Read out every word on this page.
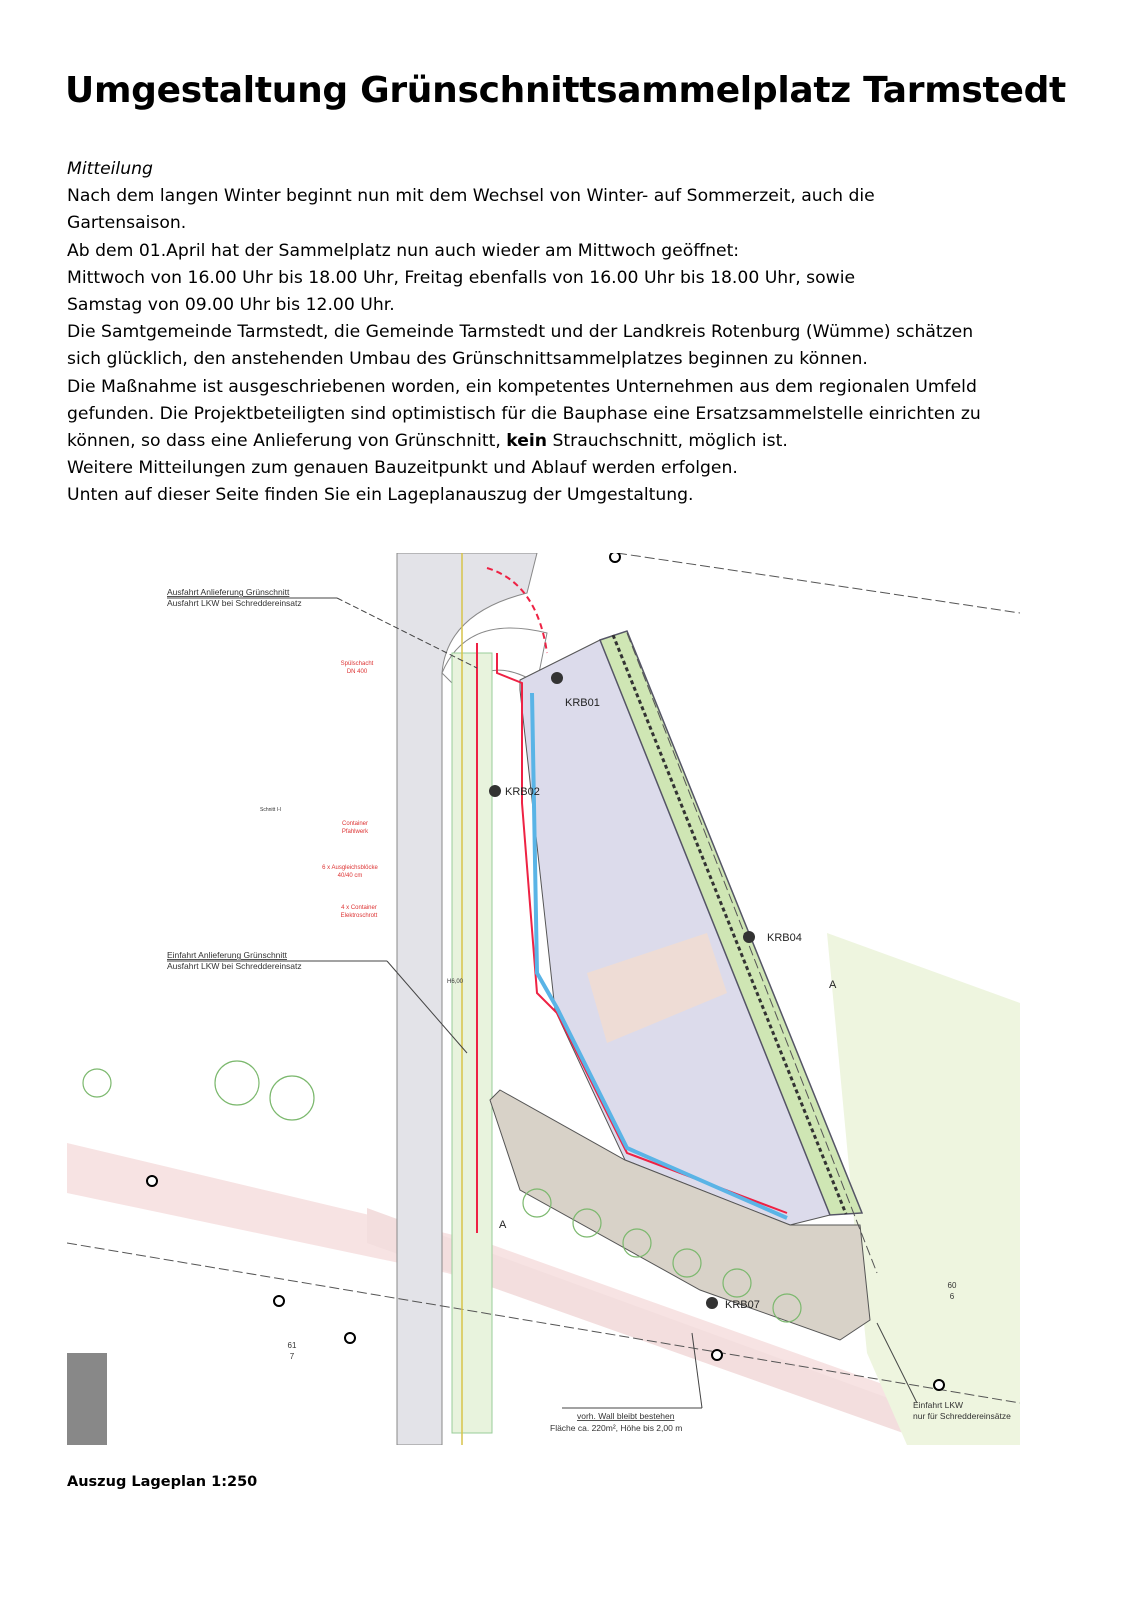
Umgestaltung Grünschnittsammelplatz Tarmstedt

Mitteilung

Nach dem langen Winter beginnt nun mit dem Wechsel von Winter- auf Sommerzeit, auch die

Gartensaison.

Ab dem 01.April hat der Sammelplatz nun auch wieder am Mittwoch geöffnet:

Mittwoch von 16.00 Uhr bis 18.00 Uhr, Freitag ebenfalls von 16.00 Uhr bis 18.00 Uhr, sowie

Samstag von 09.00 Uhr bis 12.00 Uhr.

Die Samtgemeinde Tarmstedt, die Gemeinde Tarmstedt und der Landkreis Rotenburg (Wümme) schätzen

sich glücklich, den anstehenden Umbau des Grünschnittsammelplatzes beginnen zu können.

Die Maßnahme ist ausgeschriebenen worden, ein kompetentes Unternehmen aus dem regionalen Umfeld

gefunden. Die Projektbeteiligten sind optimistisch für die Bauphase eine Ersatzsammelstelle einrichten zu

können, so dass eine Anlieferung von Grünschnitt, kein Strauchschnitt, möglich ist.

Weitere Mitteilungen zum genauen Bauzeitpunkt und Ablauf werden erfolgen.

Unten auf dieser Seite finden Sie ein Lageplanauszug der Umgestaltung.

Ausfahrt Anlieferung Grünschnitt
Ausfahrt LKW bei Schreddereinsatz
Einfahrt Anlieferung Grünschnitt
Ausfahrt LKW bei Schreddereinsatz
Schnitt I-I
H6,00
vorh. Wall bleibt bestehen
Fläche ca. 220m², Höhe bis 2,00 m
Einfahrt LKW
nur für Schreddereinsätze
Spülschacht
DN 400
Container
Pfahlwerk
6 x Ausgleichsblöcke
40/40 cm
4 x Container
Elektroschrott
KRB01
KRB02
KRB04
KRB07
A
A
60
6
61
7
Auszug Lageplan 1:250
